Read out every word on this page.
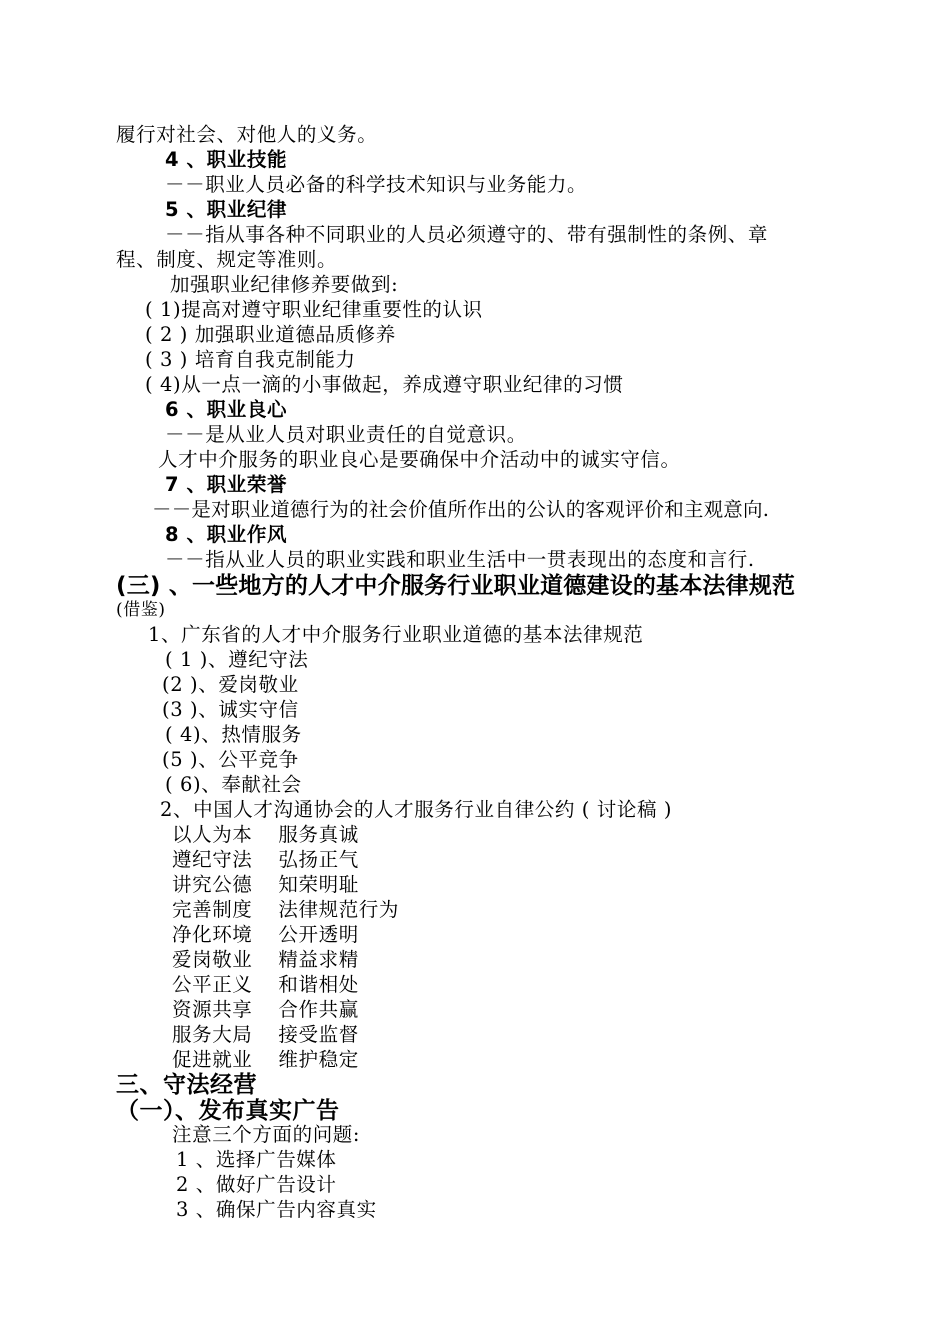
履行对社会、对他人的义务。
4 、职业技能
－－职业人员必备的科学技术知识与业务能力。
5 、职业纪律
－－指从事各种不同职业的人员必须遵守的、带有强制性的条例、章
程、制度、规定等准则。
加强职业纪律修养要做到:
( 1)提高对遵守职业纪律重要性的认识
( 2 ) 加强职业道德品质修养
( 3 ) 培育自我克制能力
( 4)从一点一滴的小事做起，养成遵守职业纪律的习惯
6 、职业良心
－－是从业人员对职业责任的自觉意识。
人才中介服务的职业良心是要确保中介活动中的诚实守信。
7 、职业荣誉
－－是对职业道德行为的社会价值所作出的公认的客观评价和主观意向.
8 、职业作风
－－指从业人员的职业实践和职业生活中一贯表现出的态度和言行.
(三) 、一些地方的人才中介服务行业职业道德建设的基本法律规范
(借鉴)
1、广东省的人才中介服务行业职业道德的基本法律规范
( 1 )、遵纪守法
(2 )、爱岗敬业
(3 )、诚实守信
( 4)、热情服务
(5 )、公平竞争
( 6)、奉献社会
2、中国人才沟通协会的人才服务行业自律公约 ( 讨论稿 )
以人为本 服务真诚
遵纪守法 弘扬正气
讲究公德 知荣明耻
完善制度 法律规范行为
净化环境 公开透明
爱岗敬业 精益求精
公平正义 和谐相处
资源共享 合作共赢
服务大局 接受监督
促进就业 维护稳定
三、守法经营
（一）、发布真实广告
注意三个方面的问题:
1 、选择广告媒体
2 、做好广告设计
3 、确保广告内容真实
